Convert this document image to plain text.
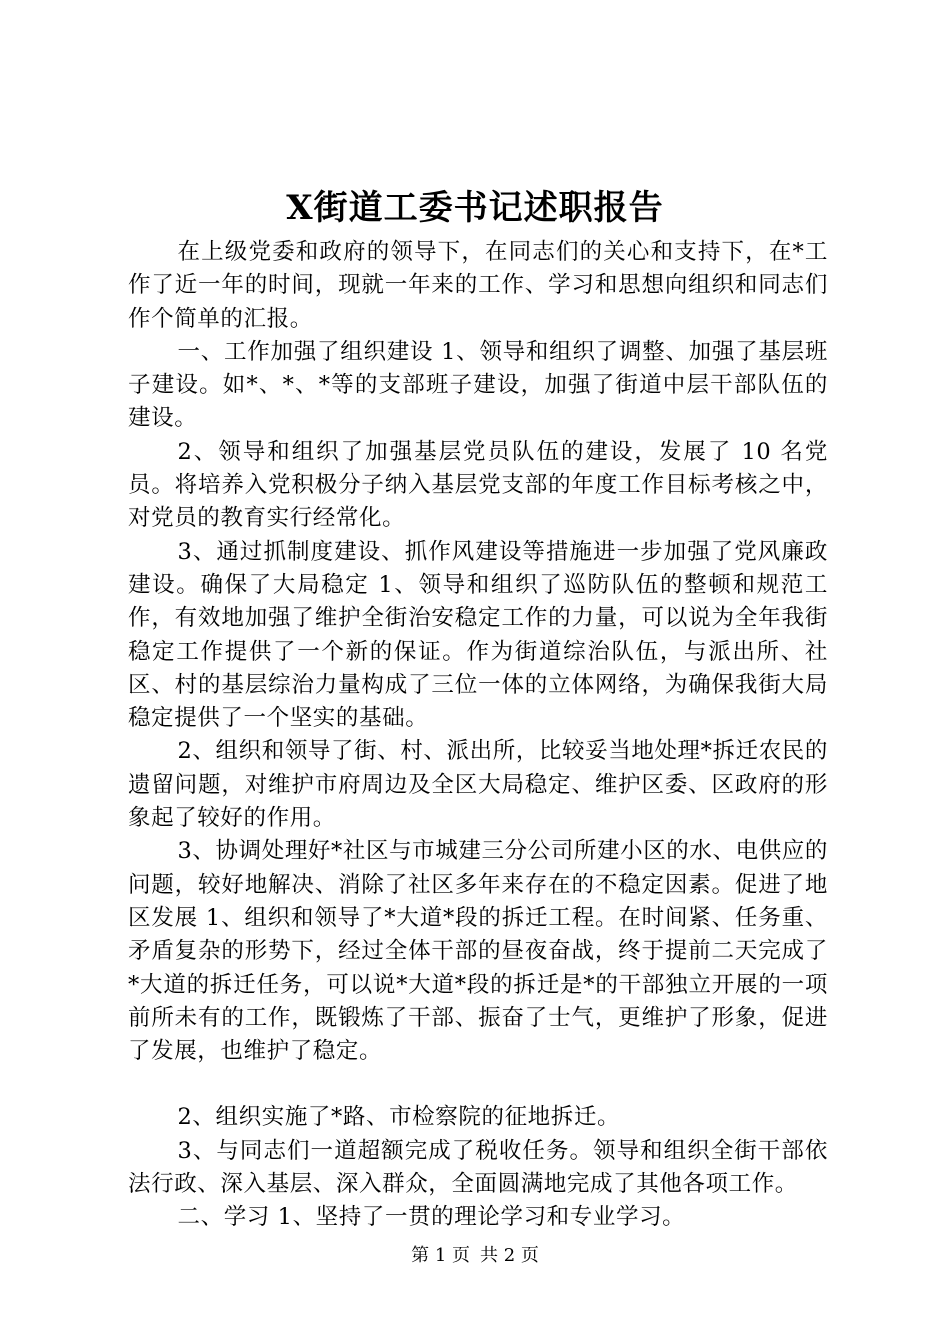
X街道工委书记述职报告

在上级党委和政府的领导下，在同志们的关心和支持下，在*工作了近一年的时间，现就一年来的工作、学习和思想向组织和同志们作个简单的汇报。

一、工作加强了组织建设 1、领导和组织了调整、加强了基层班子建设。如*、*、*等的支部班子建设，加强了街道中层干部队伍的建设。

2、领导和组织了加强基层党员队伍的建设，发展了 10 名党员。将培养入党积极分子纳入基层党支部的年度工作目标考核之中，对党员的教育实行经常化。

3、通过抓制度建设、抓作风建设等措施进一步加强了党风廉政建设。确保了大局稳定 1、领导和组织了巡防队伍的整顿和规范工作，有效地加强了维护全街治安稳定工作的力量，可以说为全年我街稳定工作提供了一个新的保证。作为街道综治队伍，与派出所、社区、村的基层综治力量构成了三位一体的立体网络，为确保我街大局稳定提供了一个坚实的基础。

2、组织和领导了街、村、派出所，比较妥当地处理*拆迁农民的遗留问题，对维护市府周边及全区大局稳定、维护区委、区政府的形象起了较好的作用。

3、协调处理好*社区与市城建三分公司所建小区的水、电供应的问题，较好地解决、消除了社区多年来存在的不稳定因素。促进了地区发展 1、组织和领导了*大道*段的拆迁工程。在时间紧、任务重、矛盾复杂的形势下，经过全体干部的昼夜奋战，终于提前二天完成了*大道的拆迁任务，可以说*大道*段的拆迁是*的干部独立开展的一项前所未有的工作，既锻炼了干部、振奋了士气，更维护了形象，促进了发展，也维护了稳定。

2、组织实施了*路、市检察院的征地拆迁。

3、与同志们一道超额完成了税收任务。领导和组织全街干部依法行政、深入基层、深入群众，全面圆满地完成了其他各项工作。

二、学习 1、坚持了一贯的理论学习和专业学习。

第 1 页 共 2 页
